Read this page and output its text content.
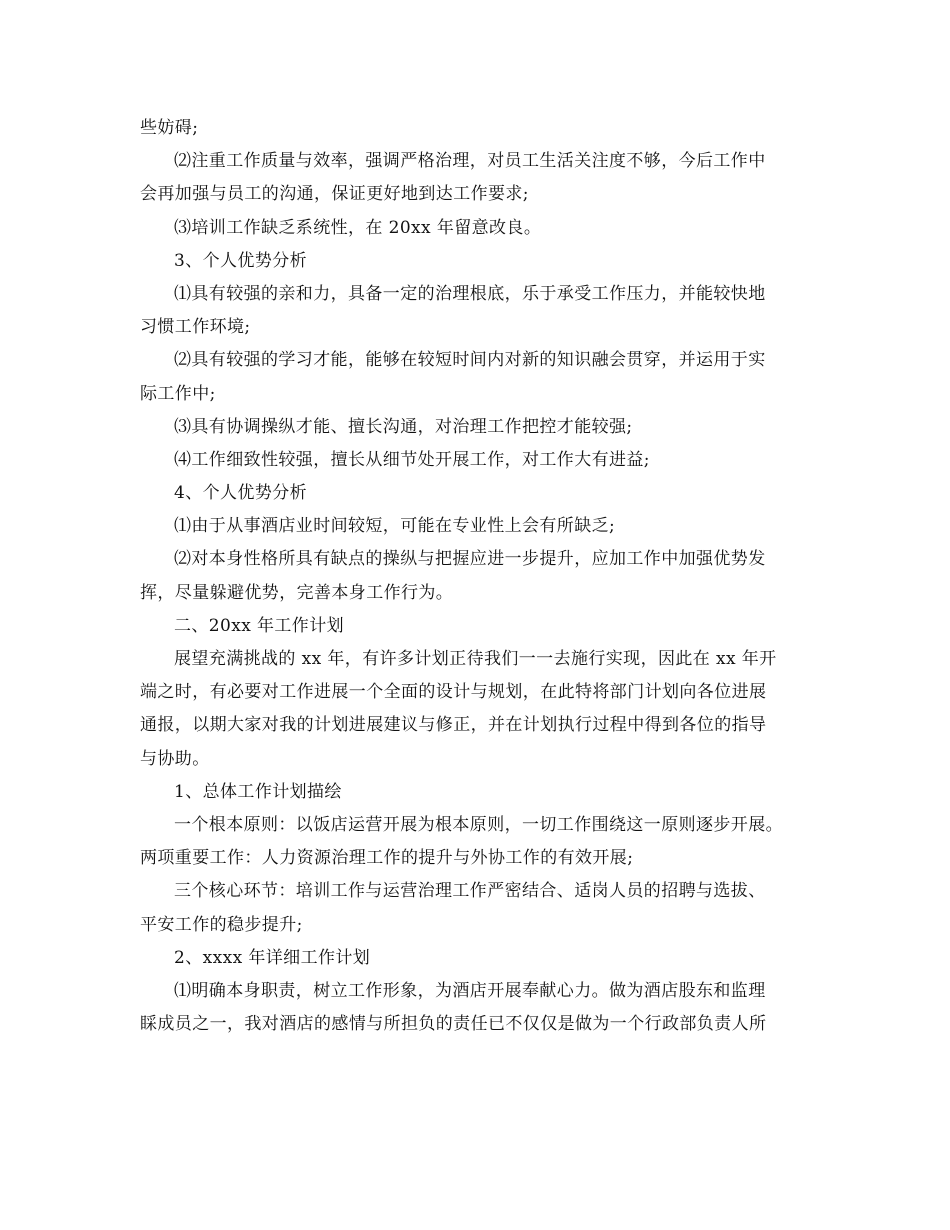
些妨碍;
⑵注重工作质量与效率，强调严格治理，对员工生活关注度不够，今后工作中
会再加强与员工的沟通，保证更好地到达工作要求;
⑶培训工作缺乏系统性，在 20xx 年留意改良。
3、个人优势分析
⑴具有较强的亲和力，具备一定的治理根底，乐于承受工作压力，并能较快地
习惯工作环境;
⑵具有较强的学习才能，能够在较短时间内对新的知识融会贯穿，并运用于实
际工作中;
⑶具有协调操纵才能、擅长沟通，对治理工作把控才能较强;
⑷工作细致性较强，擅长从细节处开展工作，对工作大有进益;
4、个人优势分析
⑴由于从事酒店业时间较短，可能在专业性上会有所缺乏;
⑵对本身性格所具有缺点的操纵与把握应进一步提升，应加工作中加强优势发
挥，尽量躲避优势，完善本身工作行为。
二、20xx 年工作计划
展望充满挑战的 xx 年，有许多计划正待我们一一去施行实现，因此在 xx 年开
端之时，有必要对工作进展一个全面的设计与规划，在此特将部门计划向各位进展
通报，以期大家对我的计划进展建议与修正，并在计划执行过程中得到各位的指导
与协助。
1、总体工作计划描绘
一个根本原则：以饭店运营开展为根本原则，一切工作围绕这一原则逐步开展。
两项重要工作：人力资源治理工作的提升与外协工作的有效开展;
三个核心环节：培训工作与运营治理工作严密结合、适岗人员的招聘与选拔、
平安工作的稳步提升;
2、xxxx 年详细工作计划
⑴明确本身职责，树立工作形象，为酒店开展奉献心力。做为酒店股东和监理
睬成员之一，我对酒店的感情与所担负的责任已不仅仅是做为一个行政部负责人所
